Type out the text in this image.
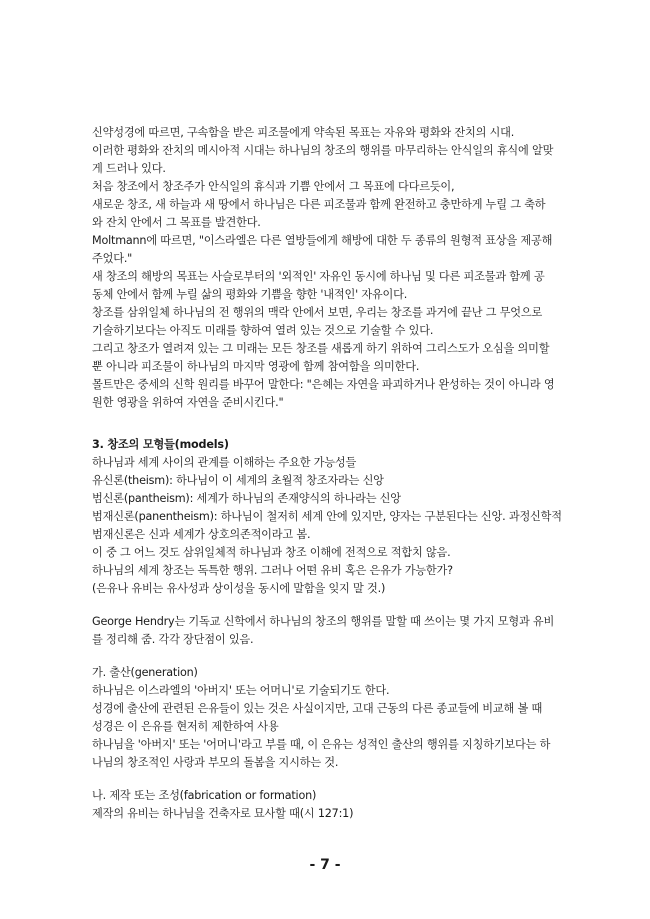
신약성경에 따르면, 구속함을 받은 피조물에게 약속된 목표는 자유와 평화와 잔치의 시대.
이러한 평화와 잔치의 메시아적 시대는 하나님의 창조의 행위를 마무리하는 안식일의 휴식에 알맞
게 드러나 있다.
처음 창조에서 창조주가 안식일의 휴식과 기쁨 안에서 그 목표에 다다르듯이,
새로운 창조, 새 하늘과 새 땅에서 하나님은 다른 피조물과 함께 완전하고 충만하게 누릴 그 축하
와 잔치 안에서 그 목표를 발견한다.
Moltmann에 따르면, "이스라엘은 다른 열방들에게 해방에 대한 두 종류의 원형적 표상을 제공해
주었다."
새 창조의 해방의 목표는 사슬로부터의 '외적인' 자유인 동시에 하나님 및 다른 피조물과 함께 공
동체 안에서 함께 누릴 삶의 평화와 기쁨을 향한 '내적인' 자유이다.
창조를 삼위일체 하나님의 전 행위의 맥락 안에서 보면, 우리는 창조를 과거에 끝난 그 무엇으로
기술하기보다는 아직도 미래를 향하여 열려 있는 것으로 기술할 수 있다.
그리고 창조가 열려져 있는 그 미래는 모든 창조를 새롭게 하기 위하여 그리스도가 오심을 의미할
뿐 아니라 피조물이 하나님의 마지막 영광에 함께 참여함을 의미한다.
몰트만은 중세의 신학 원리를 바꾸어 말한다: "은혜는 자연을 파괴하거나 완성하는 것이 아니라 영
원한 영광을 위하여 자연을 준비시킨다."
3. 창조의 모형들(models)
하나님과 세계 사이의 관계를 이해하는 주요한 가능성들
유신론(theism): 하나님이 이 세계의 초월적 창조자라는 신앙
범신론(pantheism): 세계가 하나님의 존재양식의 하나라는 신앙
범재신론(panentheism): 하나님이 철저히 세계 안에 있지만, 양자는 구분된다는 신앙. 과정신학적
범재신론은 신과 세계가 상호의존적이라고 봄.
이 중 그 어느 것도 삼위일체적 하나님과 창조 이해에 전적으로 적합치 않음.
하나님의 세계 창조는 독특한 행위. 그러나 어떤 유비 혹은 은유가 가능한가?
(은유나 유비는 유사성과 상이성을 동시에 말함을 잊지 말 것.)
George Hendry는 기독교 신학에서 하나님의 창조의 행위를 말할 때 쓰이는 몇 가지 모형과 유비
를 정리해 줌. 각각 장단점이 있음.
가. 출산(generation)
하나님은 이스라엘의 '아버지' 또는 어머니'로 기술되기도 한다.
성경에 출산에 관련된 은유들이 있는 것은 사실이지만, 고대 근동의 다른 종교들에 비교해 볼 때
성경은 이 은유를 현저히 제한하여 사용
하나님을 '아버지' 또는 '어머니'라고 부를 때, 이 은유는 성적인 출산의 행위를 지칭하기보다는 하
나님의 창조적인 사랑과 부모의 돌봄을 지시하는 것.
나. 제작 또는 조성(fabrication or formation)
제작의 유비는 하나님을 건축자로 묘사할 때(시 127:1)
- 7 -
